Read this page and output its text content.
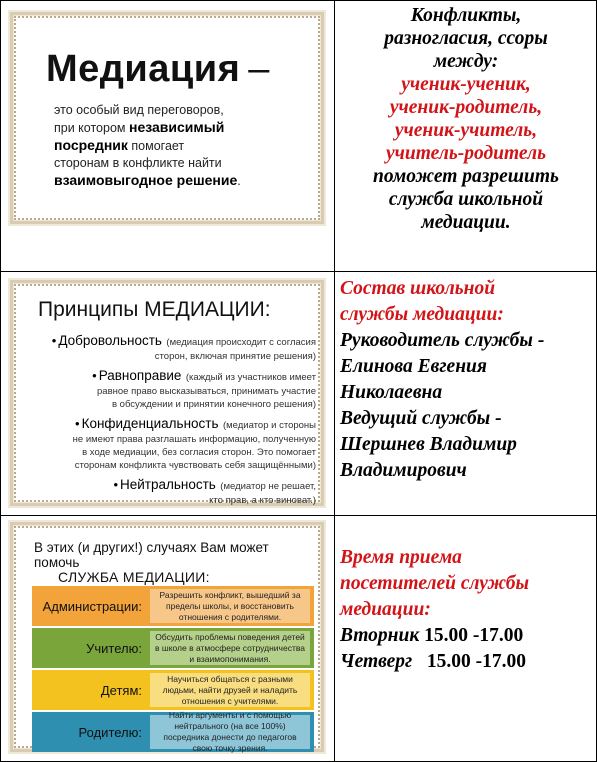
Медиация –
это особый вид переговоров,
при котором независимый
посредник помогает
сторонам в конфликте найти
взаимовыгодное решение.
Конфликты,
разногласия, ссоры
между:
ученик-ученик,
ученик-родитель,
ученик-учитель,
учитель-родитель
поможет разрешить
служба школьной
медиации.
Принципы МЕДИАЦИИ:
• Добровольность (медиация происходит с согласия
сторон, включая принятие решения)
• Равноправие (каждый из участников имеет
равное право высказываться, принимать участие
в обсуждении и принятии конечного решения)
• Конфиденциальность (медиатор и стороны
не имеют права разглашать информацию, полученную
в ходе медиации, без согласия сторон. Это помогает
сторонам конфликта чувствовать себя защищёнными)
• Нейтральность (медиатор не решает,
кто прав, а кто виноват.)
Состав школьной
службы медиации:
Руководитель службы -
Елинова Евгения
Николаевна
Ведущий службы -
Шершнев Владимир
Владимирович
В этих (и других!) случаях Вам может помочь
СЛУЖБА МЕДИАЦИИ:
Администрации:
Разрешить конфликт, вышедший за пределы школы, и восстановить отношения с родителями.
Учителю:
Обсудить проблемы поведения детей в школе в атмосфере сотрудничества и взаимопонимания.
Детям:
Научиться общаться с разными людьми, найти друзей и наладить отношения с учителями.
Родителю:
Найти аргументы и с помощью нейтрального (на все 100%) посредника донести до педагогов свою точку зрения.
Время приема
посетителей службы
медиации:
Вторник 15.00 -17.00
Четверг 15.00 -17.00
